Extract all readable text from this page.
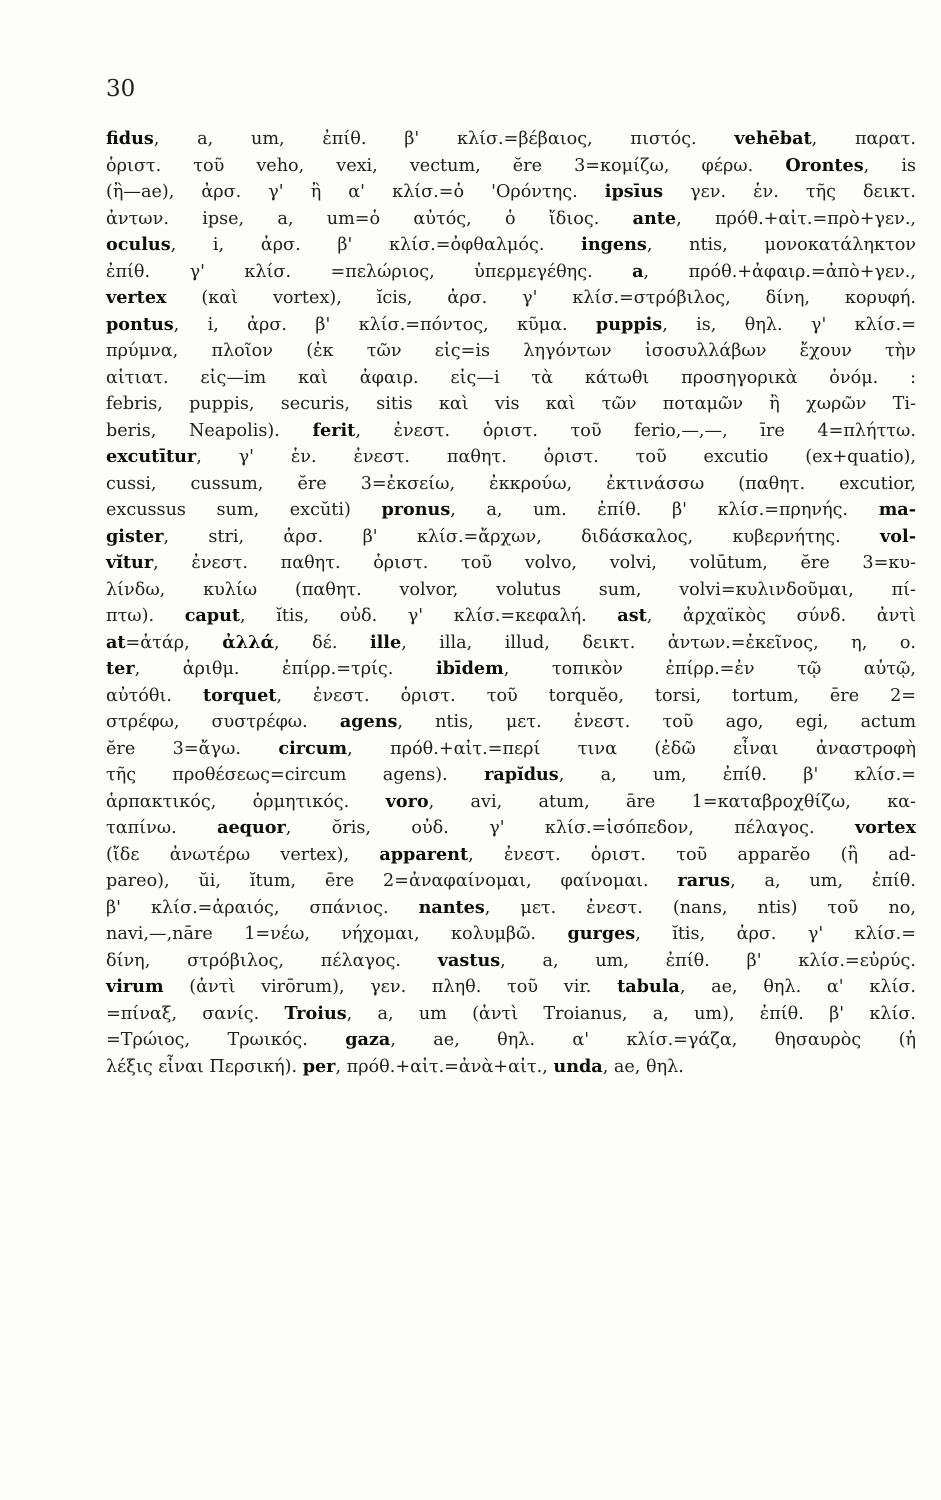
30
fidus, a, um, ἐπίθ. β' κλίσ.=βέβαιος, πιστός. vehēbat, παρατ.
ὁριστ. τοῦ veho, vexi, vectum, ĕre 3=κομίζω, φέρω. Orontes, is
(ἢ—ae), ἀρσ. γ' ἢ α' κλίσ.=ὁ 'Ορόντης. ipsīus γεν. ἑν. τῆς δεικτ.
ἀντων. ipse, a, um=ὁ αὐτός, ὁ ἴδιος. ante, πρόθ.+αἰτ.=πρὸ+γεν.,
oculus, i, ἀρσ. β' κλίσ.=ὀφθαλμός. ingens, ntis, μονοκατάληκτον
ἐπίθ. γ' κλίσ. =πελώριος, ὑπερμεγέθης. a, πρόθ.+ἀφαιρ.=ἀπὸ+γεν.,
vertex (καὶ vortex), ĭcis, ἀρσ. γ' κλίσ.=στρόβιλος, δίνη, κορυφή.
pontus, i, ἀρσ. β' κλίσ.=πόντος, κῦμα. puppis, is, θηλ. γ' κλίσ.=
πρύμνα, πλοῖον (ἐκ τῶν εἰς=is ληγόντων ἰσοσυλλάβων ἔχουν τὴν
αἰτιατ. εἰς—im καὶ ἀφαιρ. εἰς—i τὰ κάτωθι προσηγορικὰ ὀνόμ. :
febris, puppis, securis, sitis καὶ vis καὶ τῶν ποταμῶν ἢ χωρῶν Ti-
beris, Neapolis). ferit, ἐνεστ. ὁριστ. τοῦ ferio,—,—, īre 4=πλήττω.
excutītur, γ' ἑν. ἐνεστ. παθητ. ὁριστ. τοῦ excutio (ex+quatio),
cussi, cussum, ĕre 3=ἐκσείω, ἐκκρούω, ἐκτινάσσω (παθητ. excutior,
excussus sum, excŭti) pronus, a, um. ἐπίθ. β' κλίσ.=πρηνής. ma-
gister, stri, ἀρσ. β' κλίσ.=ἄρχων, διδάσκαλος, κυβερνήτης. vol-
vĭtur, ἐνεστ. παθητ. ὁριστ. τοῦ volvo, volvi, volūtum, ĕre 3=κυ-
λίνδω, κυλίω (παθητ. volvor, volutus sum, volvi=κυλινδοῦμαι, πί-
πτω). caput, ĭtis, οὐδ. γ' κλίσ.=κεφαλή. ast, ἀρχαϊκὸς σύνδ. ἀντὶ
at=ἀτάρ, ἀλλά, δέ. ille, illa, illud, δεικτ. ἀντων.=ἐκεῖνος, η, ο.
ter, ἀριθμ. ἐπίρρ.=τρίς. ibīdem, τοπικὸν ἐπίρρ.=ἐν τῷ αὐτῷ,
αὐτόθι. torquet, ἐνεστ. ὁριστ. τοῦ torquĕo, torsi, tortum, ēre 2=
στρέφω, συστρέφω. agens, ntis, μετ. ἐνεστ. τοῦ ago, egi, actum
ĕre 3=ἄγω. circum, πρόθ.+αἰτ.=περί τινα (ἐδῶ εἶναι ἀναστροφὴ
τῆς προθέσεως=circum agens). rapĭdus, a, um, ἐπίθ. β' κλίσ.=
ἁρπακτικός, ὁρμητικός. voro, avi, atum, āre 1=καταβροχθίζω, κα-
ταπίνω. aequor, ŏris, οὐδ. γ' κλίσ.=ἰσόπεδον, πέλαγος. vortex
(ἴδε ἀνωτέρω vertex), apparent, ἐνεστ. ὁριστ. τοῦ apparĕo (ἢ ad-
pareo), ŭi, ĭtum, ēre 2=ἀναφαίνομαι, φαίνομαι. rarus, a, um, ἐπίθ.
β' κλίσ.=ἀραιός, σπάνιος. nantes, μετ. ἐνεστ. (nans, ntis) τοῦ no,
navi,—,nāre 1=νέω, νήχομαι, κολυμβῶ. gurges, ĭtis, ἀρσ. γ' κλίσ.=
δίνη, στρόβιλος, πέλαγος. vastus, a, um, ἐπίθ. β' κλίσ.=εὐρύς.
virum (ἀντὶ virōrum), γεν. πληθ. τοῦ vir. tabula, ae, θηλ. α' κλίσ.
=πίναξ, σανίς. Troius, a, um (ἀντὶ Troianus, a, um), ἐπίθ. β' κλίσ.
=Τρώιος, Τρωικός. gaza, ae, θηλ. α' κλίσ.=γάζα, θησαυρὸς (ἡ
λέξις εἶναι Περσική). per, πρόθ.+αἰτ.=ἀνὰ+αἰτ., unda, ae, θηλ.
